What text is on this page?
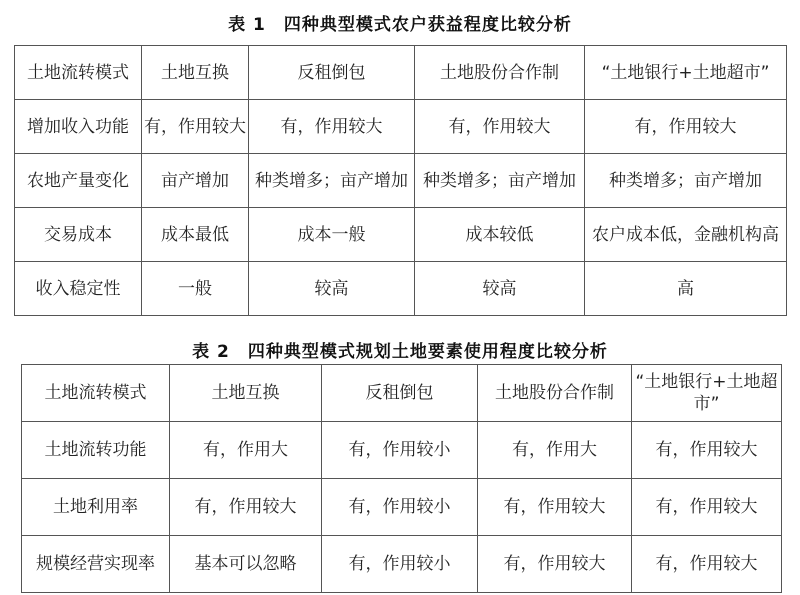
表 1　四种典型模式农户获益程度比较分析
土地流转模式	土地互换	反租倒包	土地股份合作制	“土地银行+土地超市”
增加收入功能	有，作用较大	有，作用较大	有，作用较大	有，作用较大
农地产量变化	亩产增加	种类增多；亩产增加	种类增多；亩产增加	种类增多；亩产增加
交易成本	成本最低	成本一般	成本较低	农户成本低，金融机构高
收入稳定性	一般	较高	较高	高
表 2　四种典型模式规划土地要素使用程度比较分析
土地流转模式	土地互换	反租倒包	土地股份合作制	“土地银行+土地超市”
土地流转功能	有，作用大	有，作用较小	有，作用大	有，作用较大
土地利用率	有，作用较大	有，作用较小	有，作用较大	有，作用较大
规模经营实现率	基本可以忽略	有，作用较小	有，作用较大	有，作用较大
